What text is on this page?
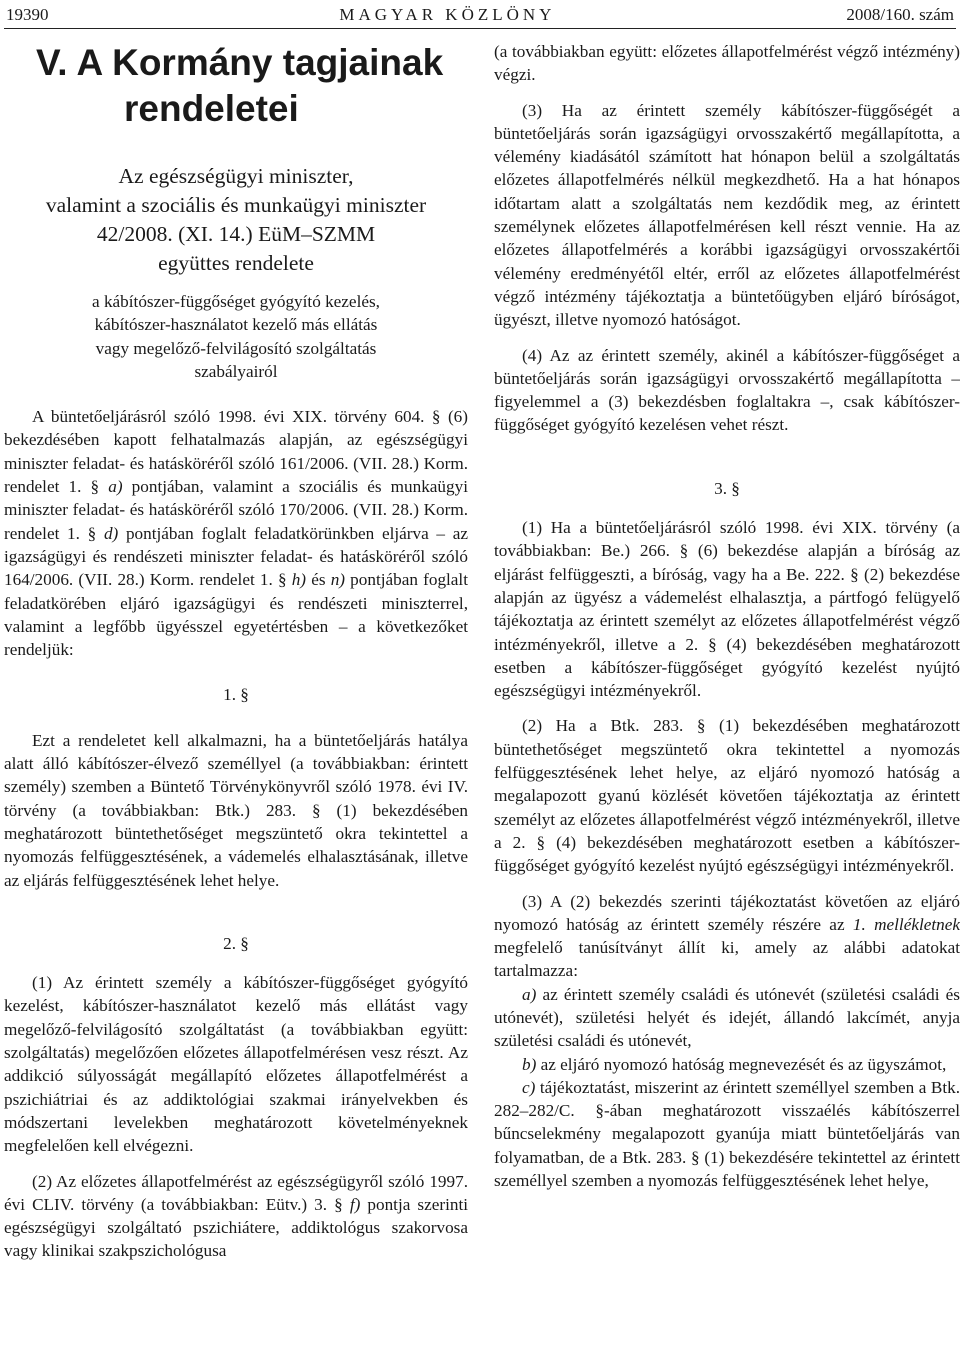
19390	MAGYAR KÖZLÖNY	2008/160. szám
V. A Kormány tagjainak
rendeletei

Az egészségügyi miniszter,

valamint a szociális és munkaügyi miniszter

42/2008. (XI. 14.) EüM–SZMM

együttes rendelete

a kábítószer-függőséget gyógyító kezelés,

kábítószer-használatot kezelő más ellátás

vagy megelőző-felvilágosító szolgáltatás

szabályairól

A büntetőeljárásról szóló 1998. évi XIX. törvény 604. § (6) bekezdésében kapott felhatalmazás alapján, az egészségügyi miniszter feladat- és hatásköréről szóló 161/2006. (VII. 28.) Korm. rendelet 1. § a) pontjában, valamint a szociális és munkaügyi miniszter feladat- és hatásköréről szóló 170/2006. (VII. 28.) Korm. rendelet 1. § d) pontjában foglalt feladatkörünkben eljárva – az igazságügyi és rendészeti miniszter feladat- és hatásköréről szóló 164/2006. (VII. 28.) Korm. rendelet 1. § h) és n) pontjában foglalt feladatkörében eljáró igazságügyi és rendészeti miniszterrel, valamint a legfőbb ügyésszel egyetértésben – a következőket rendeljük:

1. §

Ezt a rendeletet kell alkalmazni, ha a büntetőeljárás hatálya alatt álló kábítószer-élvező személlyel (a továbbiakban: érintett személy) szemben a Büntető Törvénykönyvről szóló 1978. évi IV. törvény (a továbbiakban: Btk.) 283. § (1) bekezdésében meghatározott büntethetőséget megszüntető okra tekintettel a nyomozás felfüggesztésének, a vádemelés elhalasztásának, illetve az eljárás felfüggesztésének lehet helye.

2. §

(1) Az érintett személy a kábítószer-függőséget gyógyító kezelést, kábítószer-használatot kezelő más ellátást vagy megelőző-felvilágosító szolgáltatást (a továbbiakban együtt: szolgáltatás) megelőzően előzetes állapotfelmérésen vesz részt. Az addikció súlyosságát megállapító előzetes állapotfelmérést a pszichiátriai és az addiktológiai szakmai irányelvekben és módszertani levelekben meghatározott követelményeknek megfelelően kell elvégezni.

(2) Az előzetes állapotfelmérést az egészségügyről szóló 1997. évi CLIV. törvény (a továbbiakban: Eütv.) 3. § f) pontja szerinti egészségügyi szolgáltató pszichiátere, addiktológus szakorvosa vagy klinikai szakpszichológusa

(a továbbiakban együtt: előzetes állapotfelmérést végző intézmény) végzi.

(3) Ha az érintett személy kábítószer-függőségét a büntetőeljárás során igazságügyi orvosszakértő megállapította, a vélemény kiadásától számított hat hónapon belül a szolgáltatás előzetes állapotfelmérés nélkül megkezdhető. Ha a hat hónapos időtartam alatt a szolgáltatás nem kezdődik meg, az érintett személynek előzetes állapotfelmérésen kell részt vennie. Ha az előzetes állapotfelmérés a korábbi igazságügyi orvosszakértői vélemény eredményétől eltér, erről az előzetes állapotfelmérést végző intézmény tájékoztatja a büntetőügyben eljáró bíróságot, ügyészt, illetve nyomozó hatóságot.

(4) Az az érintett személy, akinél a kábítószer-függőséget a büntetőeljárás során igazságügyi orvosszakértő megállapította – figyelemmel a (3) bekezdésben foglaltakra –, csak kábítószer-függőséget gyógyító kezelésen vehet részt.

3. §

(1) Ha a büntetőeljárásról szóló 1998. évi XIX. törvény (a továbbiakban: Be.) 266. § (6) bekezdése alapján a bíróság az eljárást felfüggeszti, a bíróság, vagy ha a Be. 222. § (2) bekezdése alapján az ügyész a vádemelést elhalasztja, a pártfogó felügyelő tájékoztatja az érintett személyt az előzetes állapotfelmérést végző intézményekről, illetve a 2. § (4) bekezdésében meghatározott esetben a kábítószer-függőséget gyógyító kezelést nyújtó egészségügyi intézményekről.

(2) Ha a Btk. 283. § (1) bekezdésében meghatározott büntethetőséget megszüntető okra tekintettel a nyomozás felfüggesztésének lehet helye, az eljáró nyomozó hatóság a megalapozott gyanú közlését követően tájékoztatja az érintett személyt az előzetes állapotfelmérést végző intézményekről, illetve a 2. § (4) bekezdésében meghatározott esetben a kábítószer-függőséget gyógyító kezelést nyújtó egészségügyi intézményekről.

(3) A (2) bekezdés szerinti tájékoztatást követően az eljáró nyomozó hatóság az érintett személy részére az 1. mellékletnek megfelelő tanúsítványt állít ki, amely az alábbi adatokat tartalmazza:

a) az érintett személy családi és utónevét (születési családi és utónevét), születési helyét és idejét, állandó lakcímét, anyja születési családi és utónevét,

b) az eljáró nyomozó hatóság megnevezését és az ügyszámot,

c) tájékoztatást, miszerint az érintett személlyel szemben a Btk. 282–282/C. §-ában meghatározott visszaélés kábítószerrel bűncselekmény megalapozott gyanúja miatt büntetőeljárás van folyamatban, de a Btk. 283. § (1) bekezdésére tekintettel az érintett személlyel szemben a nyomozás felfüggesztésének lehet helye,
